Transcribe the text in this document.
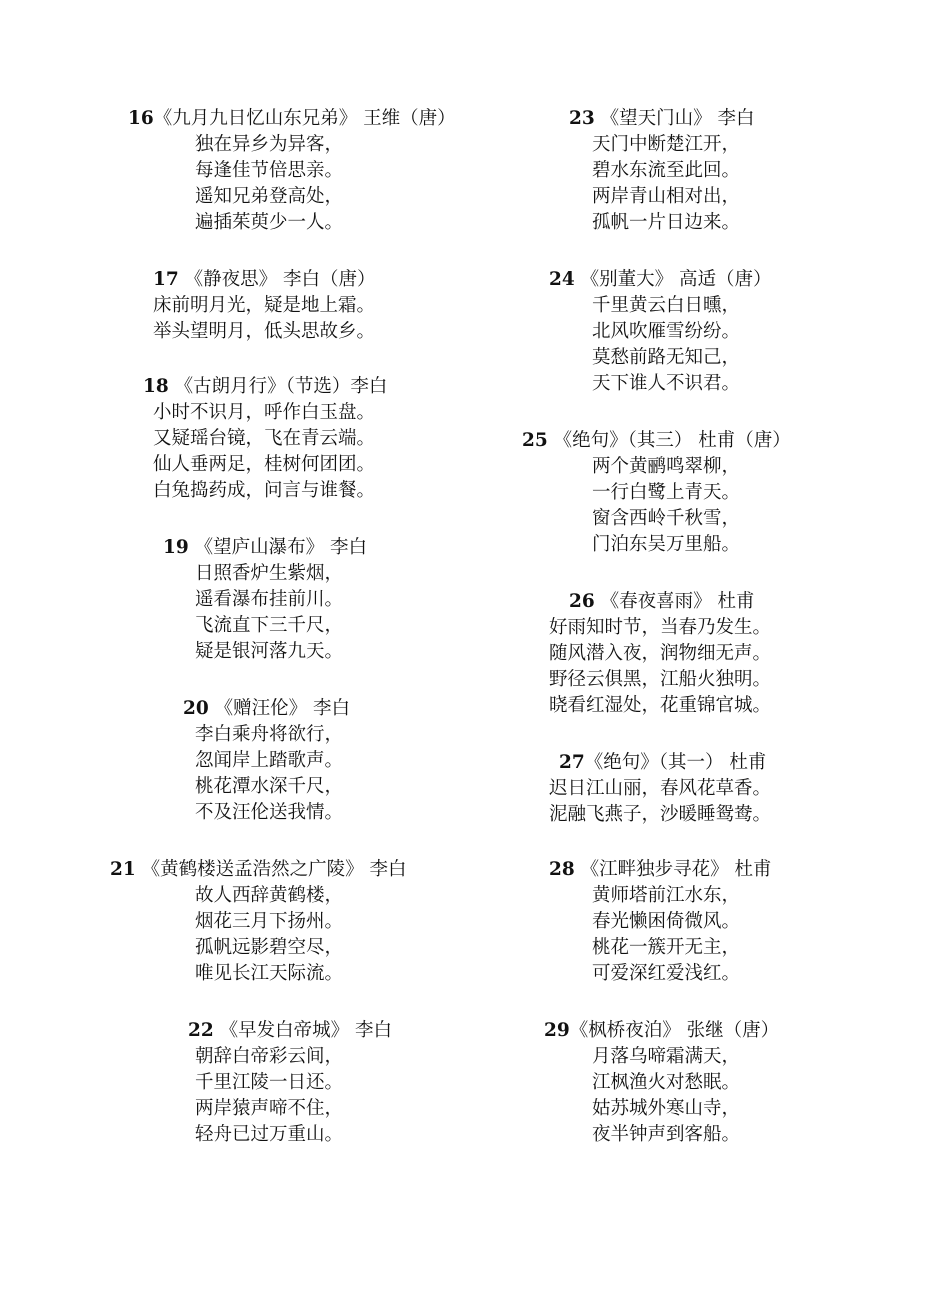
16《九月九日忆山东兄弟》 王维（唐）
独在异乡为异客，
每逢佳节倍思亲。
遥知兄弟登高处，
遍插茱萸少一人。
17 《静夜思》 李白（唐）
床前明月光，疑是地上霜。
举头望明月，低头思故乡。
18 《古朗月行》（节选）李白
小时不识月，呼作白玉盘。
又疑瑶台镜，飞在青云端。
仙人垂两足，桂树何团团。
白兔捣药成，问言与谁餐。
19 《望庐山瀑布》 李白
日照香炉生紫烟，
遥看瀑布挂前川。
飞流直下三千尺，
疑是银河落九天。
20 《赠汪伦》 李白
李白乘舟将欲行，
忽闻岸上踏歌声。
桃花潭水深千尺，
不及汪伦送我情。
21 《黄鹤楼送孟浩然之广陵》 李白
故人西辞黄鹤楼，
烟花三月下扬州。
孤帆远影碧空尽，
唯见长江天际流。
22 《早发白帝城》 李白
朝辞白帝彩云间，
千里江陵一日还。
两岸猿声啼不住，
轻舟已过万重山。
23 《望天门山》 李白
天门中断楚江开，
碧水东流至此回。
两岸青山相对出，
孤帆一片日边来。
24 《别董大》 高适（唐）
千里黄云白日曛，
北风吹雁雪纷纷。
莫愁前路无知己，
天下谁人不识君。
25 《绝句》（其三） 杜甫（唐）
两个黄鹂鸣翠柳，
一行白鹭上青天。
窗含西岭千秋雪，
门泊东吴万里船。
26 《春夜喜雨》 杜甫
好雨知时节，当春乃发生。
随风潜入夜，润物细无声。
野径云俱黑，江船火独明。
晓看红湿处，花重锦官城。
27《绝句》（其一） 杜甫
迟日江山丽，春风花草香。
泥融飞燕子，沙暖睡鸳鸯。
28 《江畔独步寻花》 杜甫
黄师塔前江水东，
春光懒困倚微风。
桃花一簇开无主，
可爱深红爱浅红。
29《枫桥夜泊》 张继（唐）
月落乌啼霜满天，
江枫渔火对愁眠。
姑苏城外寒山寺，
夜半钟声到客船。
